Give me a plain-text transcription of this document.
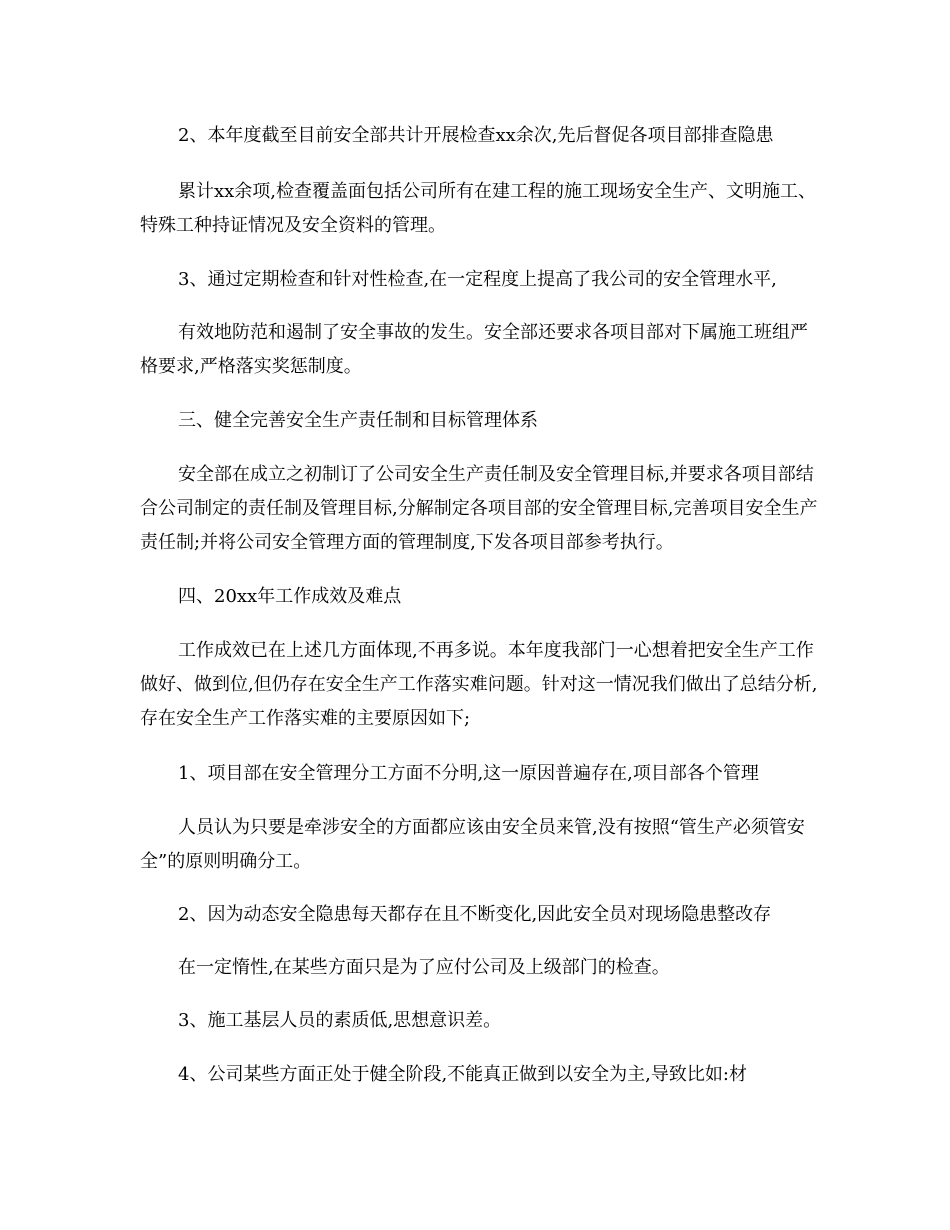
2、本年度截至目前安全部共计开展检查xx余次,先后督促各项目部排查隐患

累计xx余项,检查覆盖面包括公司所有在建工程的施工现场安全生产、文明施工、特殊工种持证情况及安全资料的管理。

3、通过定期检查和针对性检查,在一定程度上提高了我公司的安全管理水平,

有效地防范和遏制了安全事故的发生。安全部还要求各项目部对下属施工班组严格要求,严格落实奖惩制度。

三、健全完善安全生产责任制和目标管理体系

安全部在成立之初制订了公司安全生产责任制及安全管理目标,并要求各项目部结合公司制定的责任制及管理目标,分解制定各项目部的安全管理目标,完善项目安全生产责任制;并将公司安全管理方面的管理制度,下发各项目部参考执行。

四、20xx年工作成效及难点

工作成效已在上述几方面体现,不再多说。本年度我部门一心想着把安全生产工作做好、做到位,但仍存在安全生产工作落实难问题。针对这一情况我们做出了总结分析,存在安全生产工作落实难的主要原因如下;

1、项目部在安全管理分工方面不分明,这一原因普遍存在,项目部各个管理

人员认为只要是牵涉安全的方面都应该由安全员来管,没有按照“管生产必须管安全”的原则明确分工。

2、因为动态安全隐患每天都存在且不断变化,因此安全员对现场隐患整改存

在一定惰性,在某些方面只是为了应付公司及上级部门的检查。

3、施工基层人员的素质低,思想意识差。

4、公司某些方面正处于健全阶段,不能真正做到以安全为主,导致比如:材
